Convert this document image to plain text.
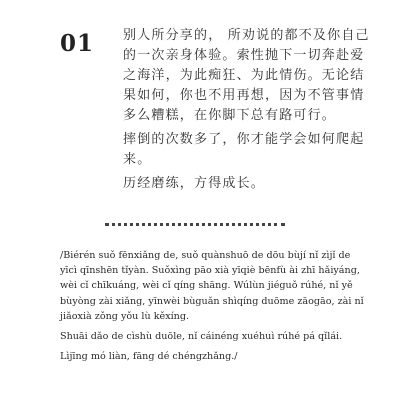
01 别人所分享的， 所劝说的都不及你自己的一次亲身体验。索性抛下一切奔赴爱之海洋，为此痴狂、为此情伤。无论结果如何，你也不用再想，因为不管事情多么糟糕，在你脚下总有路可行。

摔倒的次数多了，你才能学会如何爬起来。

历经磨练，方得成长。

/Biérén suǒ fēnxiǎng de, suǒ quànshuō de dōu bùjí nǐ zìjǐ de yīcì qīnshēn tǐyàn. Suǒxìng pāo xià yīqiè bēnfù ài zhī hǎiyáng, wèi cǐ chīkuáng, wèi cǐ qíng shāng. Wúlùn jiéguǒ rúhé, nǐ yě bùyòng zài xiǎng, yīnwèi bùguǎn shìqíng duōme zāogāo, zài nǐ jiǎoxià zǒng yǒu lù kěxíng.

Shuāi dǎo de cìshù duōle, nǐ cáinéng xuéhuì rúhé pá qǐlái.

Lìjīng mó liàn, fāng dé chéngzhǎng./
